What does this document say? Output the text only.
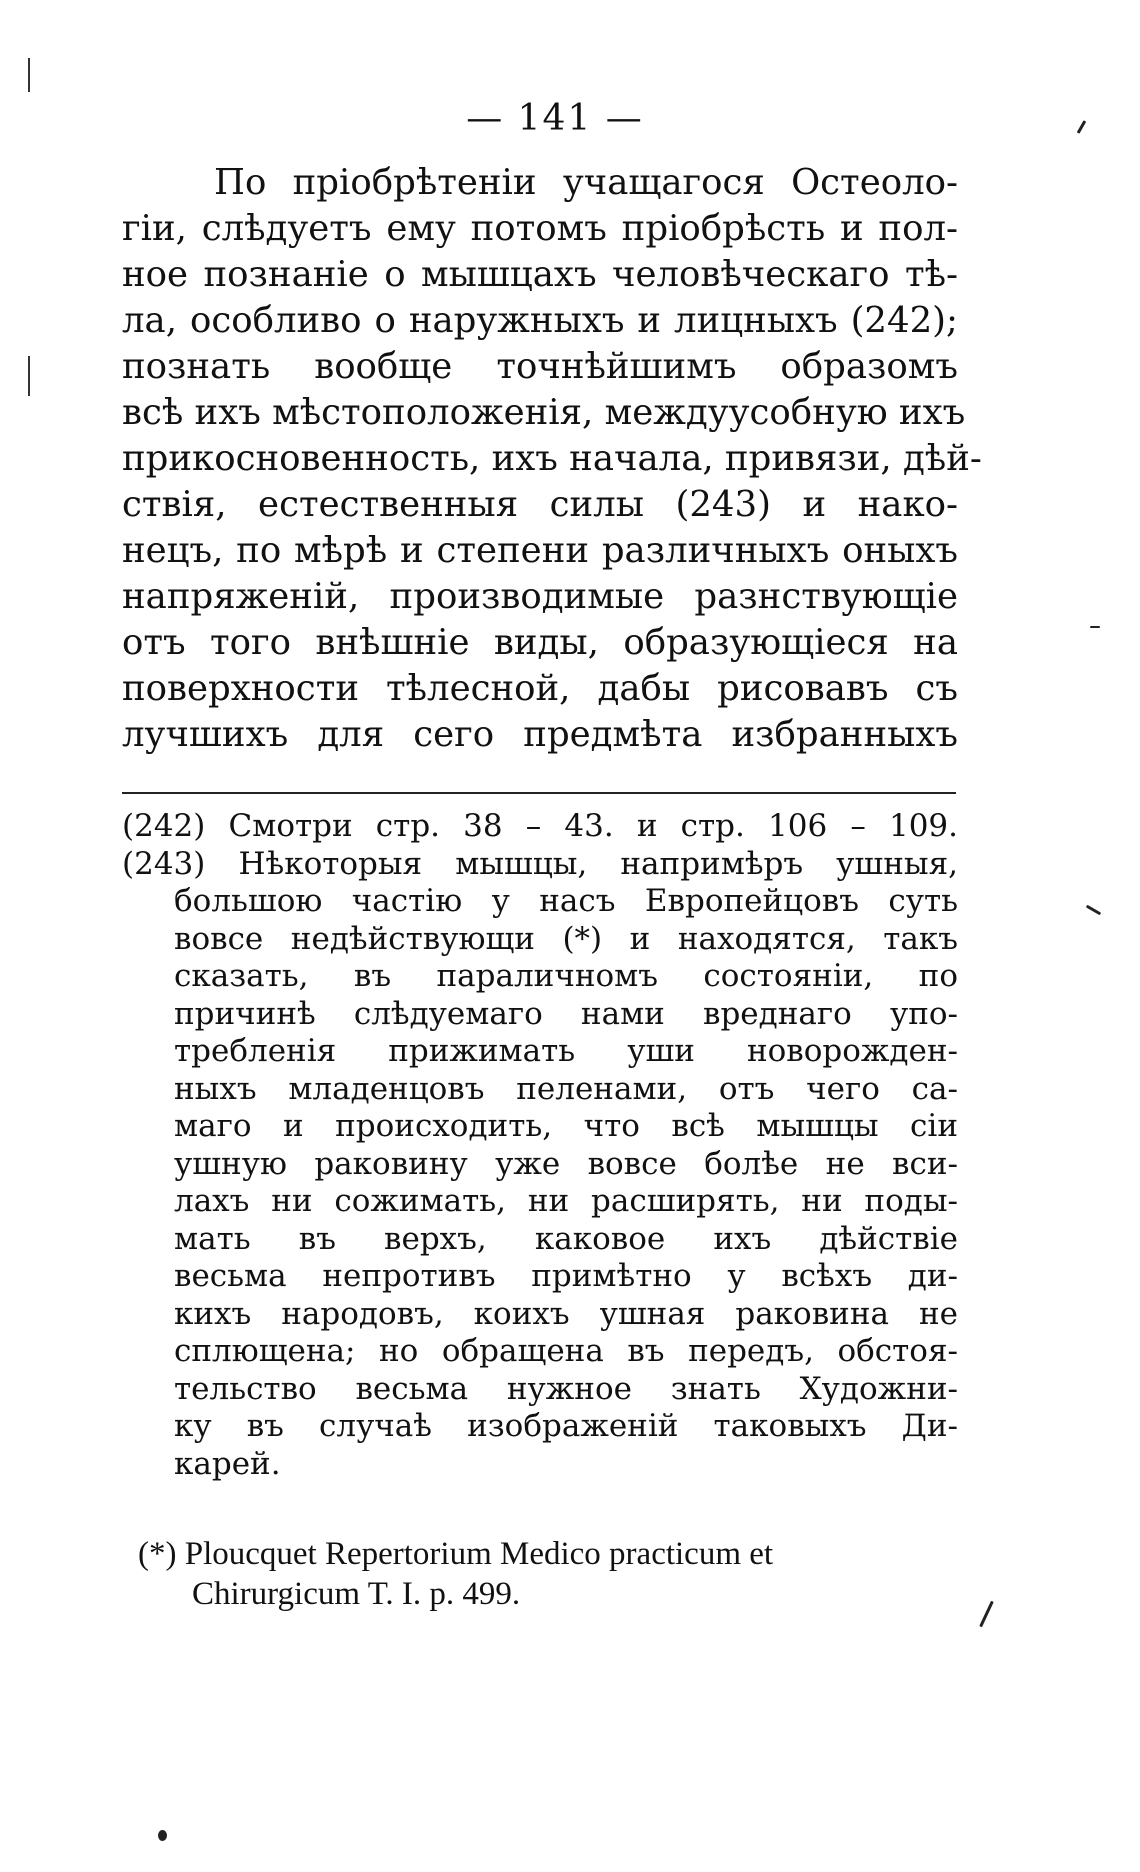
— 141 —
По пріобрѣтеніи учащагося Остеоло-
гіи, слѣдуетъ ему потомъ пріобрѣсть и пол-
ное познаніе о мышцахъ человѣческаго тѣ-
ла, особливо о наружныхъ и лицныхъ (242);
познать вообще точнѣйшимъ образомъ
всѣ ихъ мѣстоположенія, междуусобную ихъ
прикосновенность, ихъ начала, привязи, дѣй-
ствія, естественныя силы (243) и нако-
нецъ, по мѣрѣ и степени различныхъ оныхъ
напряженій, производимые разнствующіе
отъ того внѣшніе виды, образующіеся на
поверхности тѣлесной, дабы рисовавъ съ
лучшихъ для сего предмѣта избранныхъ
(242) Смотри стр. 38 – 43. и стр. 106 – 109.
(243) Нѣкоторыя мышцы, напримѣръ ушныя,
большою частію у насъ Европейцовъ суть
вовсе недѣйствующи (*) и находятся, такъ
сказать, въ параличномъ состояніи, по
причинѣ слѣдуемаго нами вреднаго упо-
требленія прижимать уши новорожден-
ныхъ младенцовъ пеленами, отъ чего са-
маго и происходить, что всѣ мышцы сіи
ушную раковину уже вовсе болѣе не вси-
лахъ ни сожимать, ни расширять, ни поды-
мать въ верхъ, каковое ихъ дѣйствіе
весьма непротивъ примѣтно у всѣхъ ди-
кихъ народовъ, коихъ ушная раковина не
сплющена; но обращена въ передъ, обстоя-
тельство весьма нужное знать Художни-
ку въ случаѣ изображеній таковыхъ Ди-
карей.
(*) Ploucquet Repertorium Medico practicum et
Chirurgicum T. I. p. 499.
